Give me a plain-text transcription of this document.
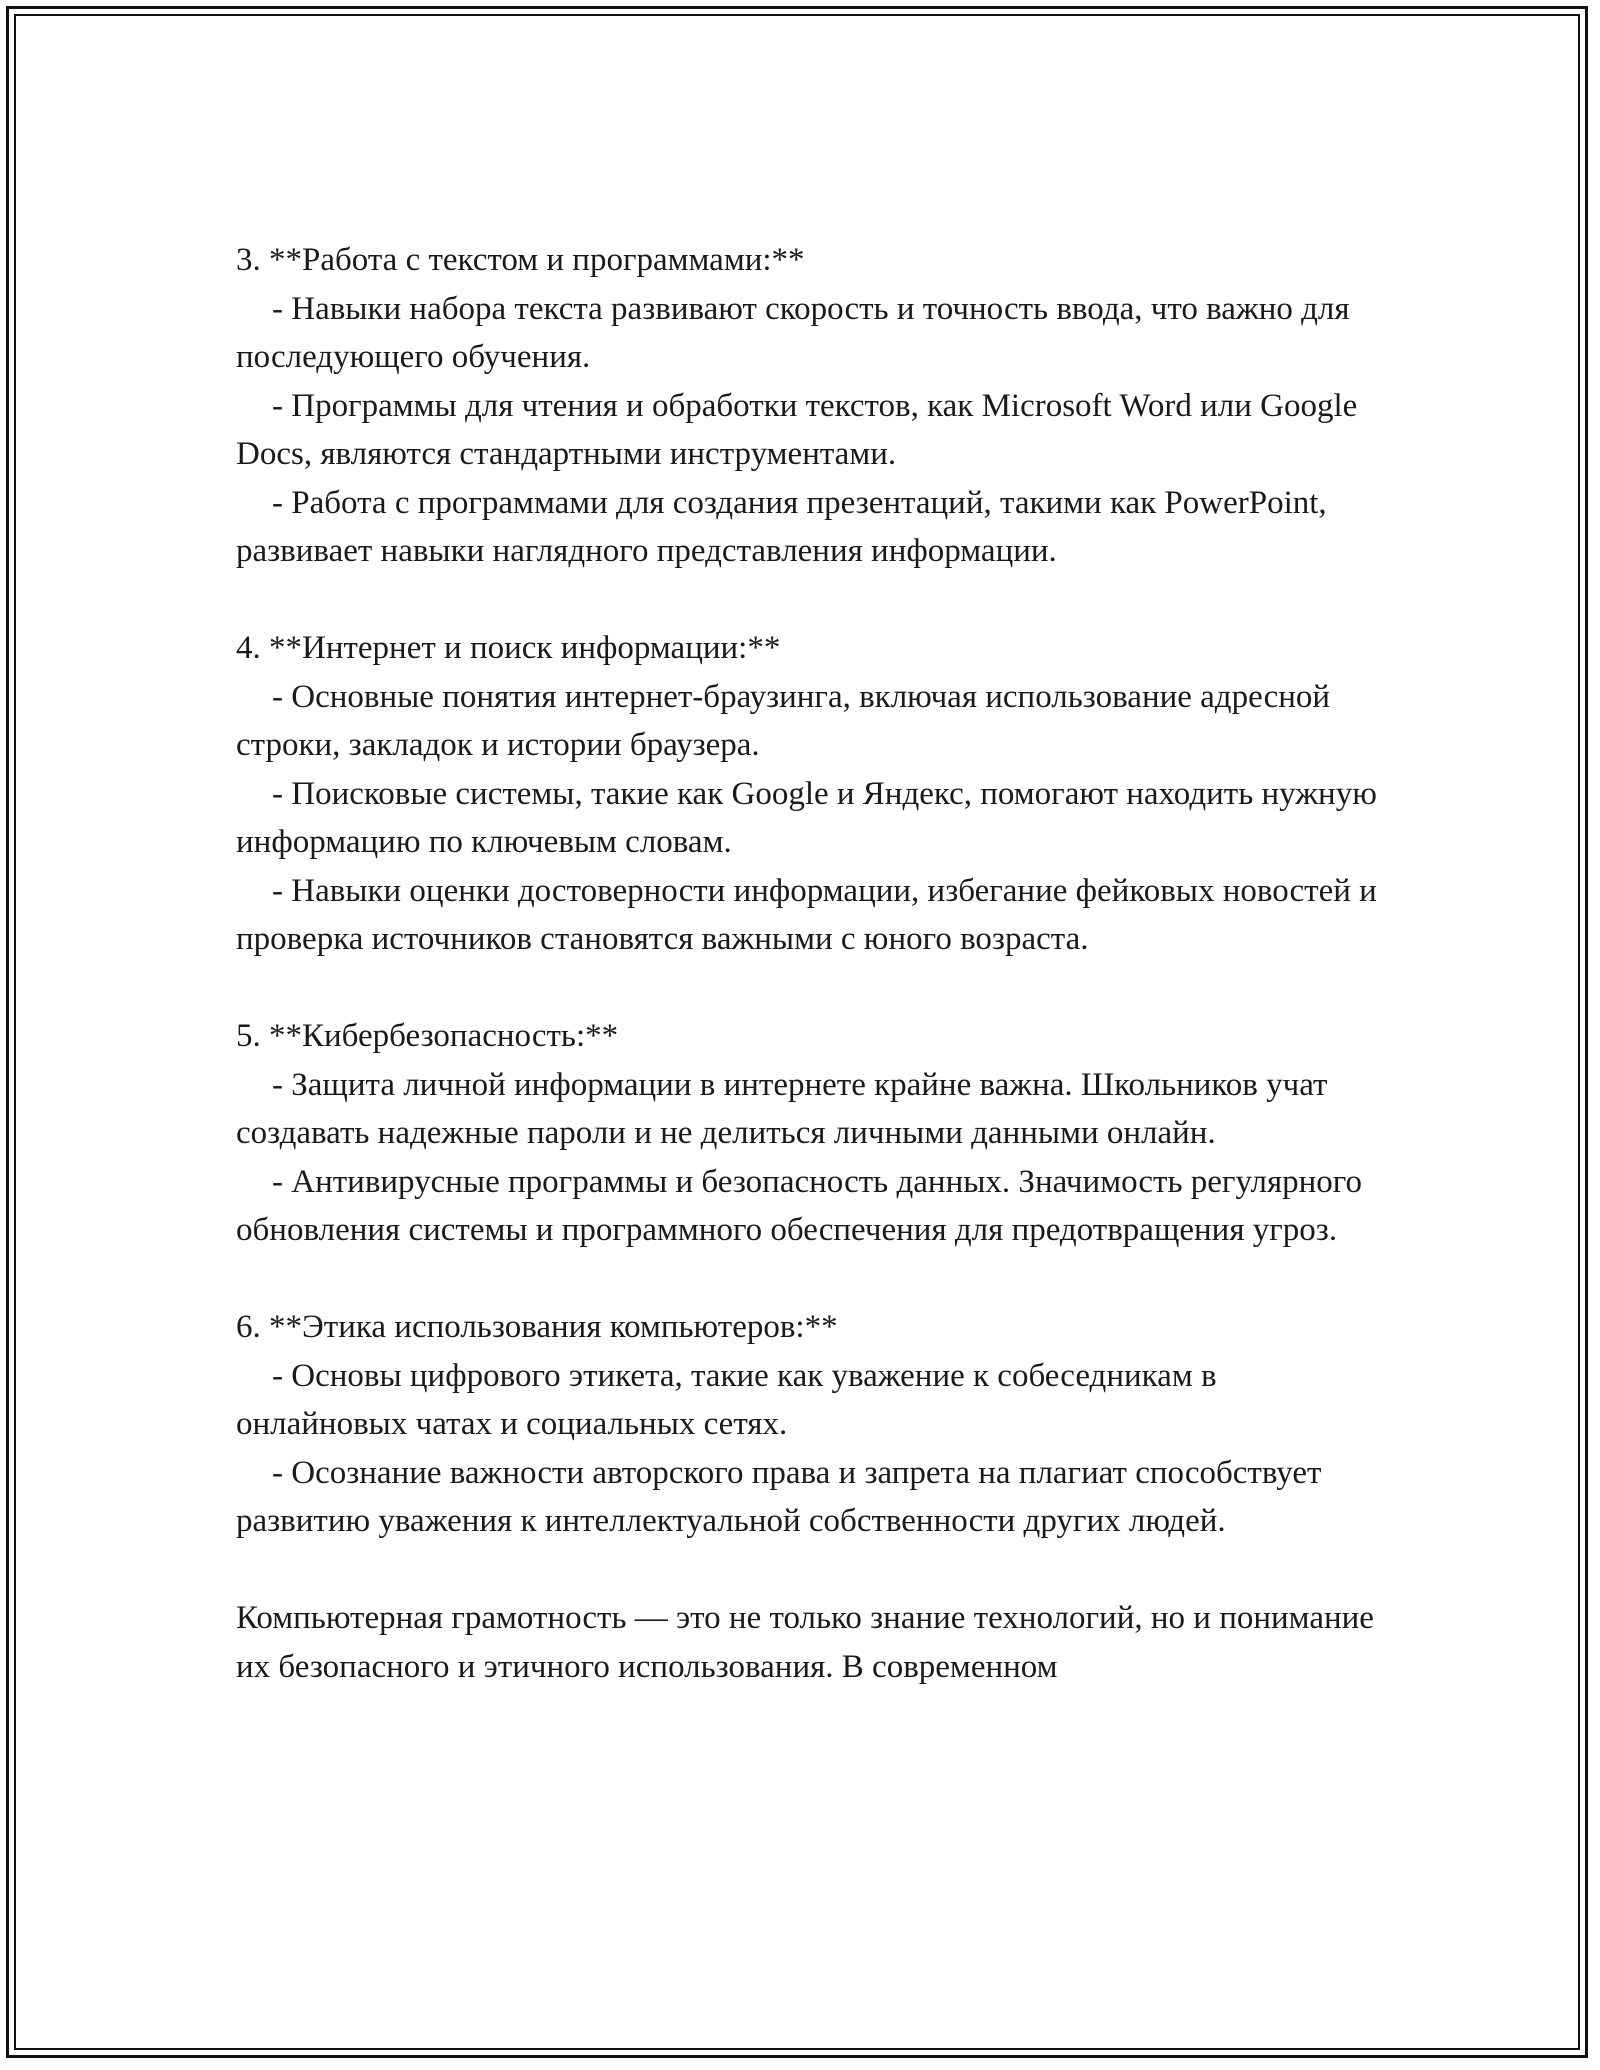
3. **Работа с текстом и программами:**
- Навыки набора текста развивают скорость и точность ввода, что важно для последующего обучения.
- Программы для чтения и обработки текстов, как Microsoft Word или Google Docs, являются стандартными инструментами.
- Работа с программами для создания презентаций, такими как PowerPoint, развивает навыки наглядного представления информации.
4. **Интернет и поиск информации:**
- Основные понятия интернет-браузинга, включая использование адресной строки, закладок и истории браузера.
- Поисковые системы, такие как Google и Яндекс, помогают находить нужную информацию по ключевым словам.
- Навыки оценки достоверности информации, избегание фейковых новостей и проверка источников становятся важными с юного возраста.
5. **Кибербезопасность:**
- Защита личной информации в интернете крайне важна. Школьников учат создавать надежные пароли и не делиться личными данными онлайн.
- Антивирусные программы и безопасность данных. Значимость регулярного обновления системы и программного обеспечения для предотвращения угроз.
6. **Этика использования компьютеров:**
- Основы цифрового этикета, такие как уважение к собеседникам в онлайновых чатах и социальных сетях.
- Осознание важности авторского права и запрета на плагиат способствует развитию уважения к интеллектуальной собственности других людей.

Компьютерная грамотность — это не только знание технологий, но и понимание их безопасного и этичного использования. В современном
